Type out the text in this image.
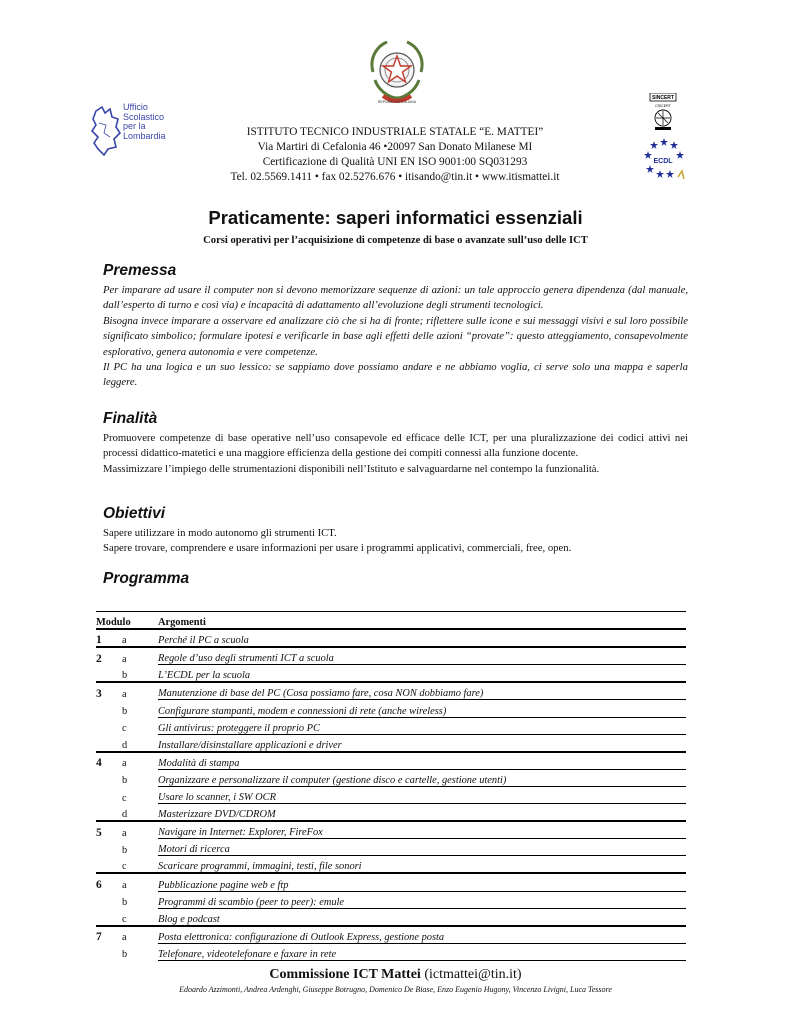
Ufficio
Scolastico
per la
Lombardia
REPUBBLICA ITALIANA
ISTITUTO TECNICO INDUSTRIALE STATALE “E. MATTEI”
Via Martiri di Cefalonia 46 •20097 San Donato Milanese MI
Certificazione di Qualità UNI EN ISO 9001:00 SQ031293
Tel. 02.5569.1411 • fax 02.5276.676 • itisando@tin.it • www.itismattei.it
SINCERT
CSICERT
ECDL
Praticamente: saperi informatici essenziali
Corsi operativi per l’acquisizione di competenze di base o avanzate sull’uso delle ICT
Premessa

Per imparare ad usare il computer non si devono memorizzare sequenze di azioni: un tale approccio genera dipendenza (dal manuale, dall’esperto di turno e così via) e incapacità di adattamento all’evoluzione degli strumenti tecnologici.

Bisogna invece imparare a osservare ed analizzare ciò che si ha di fronte; riflettere sulle icone e sui messaggi visivi e sul loro possibile significato simbolico; formulare ipotesi e verificarle in base agli effetti delle azioni “provate”: questo atteggiamento, consapevolmente esplorativo, genera autonomia e vere competenze.

Il PC ha una logica e un suo lessico: se sappiamo dove possiamo andare e ne abbiamo voglia, ci serve solo una mappa e saperla leggere.

Finalità

Promuovere competenze di base operative nell’uso consapevole ed efficace delle ICT, per una pluralizzazione dei codici attivi nei processi didattico-matetici e una maggiore efficienza della gestione dei compiti connessi alla funzione docente.

Massimizzare l’impiego delle strumentazioni disponibili nell’Istituto e salvaguardarne nel contempo la funzionalità.

Obiettivi

Sapere utilizzare in modo autonomo gli strumenti ICT.

Sapere trovare, comprendere e usare informazioni per usare i programmi applicativi, commerciali, free, open.

Programma
Modulo		Argomenti
1	a	Perché il PC a scuola
2	a	Regole d’uso degli strumenti ICT a scuola
	b	L’ECDL per la scuola
3	a	Manutenzione di base del PC (Cosa possiamo fare, cosa NON dobbiamo fare)
	b	Configurare stampanti, modem e connessioni di rete (anche wireless)
	c	Gli antivirus: proteggere il proprio PC
	d	Installare/disinstallare applicazioni e driver
4	a	Modalità di stampa
	b	Organizzare e personalizzare il computer (gestione disco e cartelle, gestione utenti)
	c	Usare lo scanner, i SW OCR
	d	Masterizzare DVD/CDROM
5	a	Navigare in Internet: Explorer, FireFox
	b	Motori di ricerca
	c	Scaricare programmi, immagini, testi, file sonori
6	a	Pubblicazione pagine web e ftp
	b	Programmi di scambio (peer to peer): emule
	c	Blog e podcast
7	a	Posta elettronica: configurazione di Outlook Express, gestione posta
	b	Telefonare, videotelefonare e faxare in rete
Commissione ICT Mattei (ictmattei@tin.it)
Edoardo Azzimonti, Andrea Ardenghi, Giuseppe Botrugno, Domenico De Biase, Enzo Eugenio Hugony, Vincenzo Livigni, Luca Tessore
